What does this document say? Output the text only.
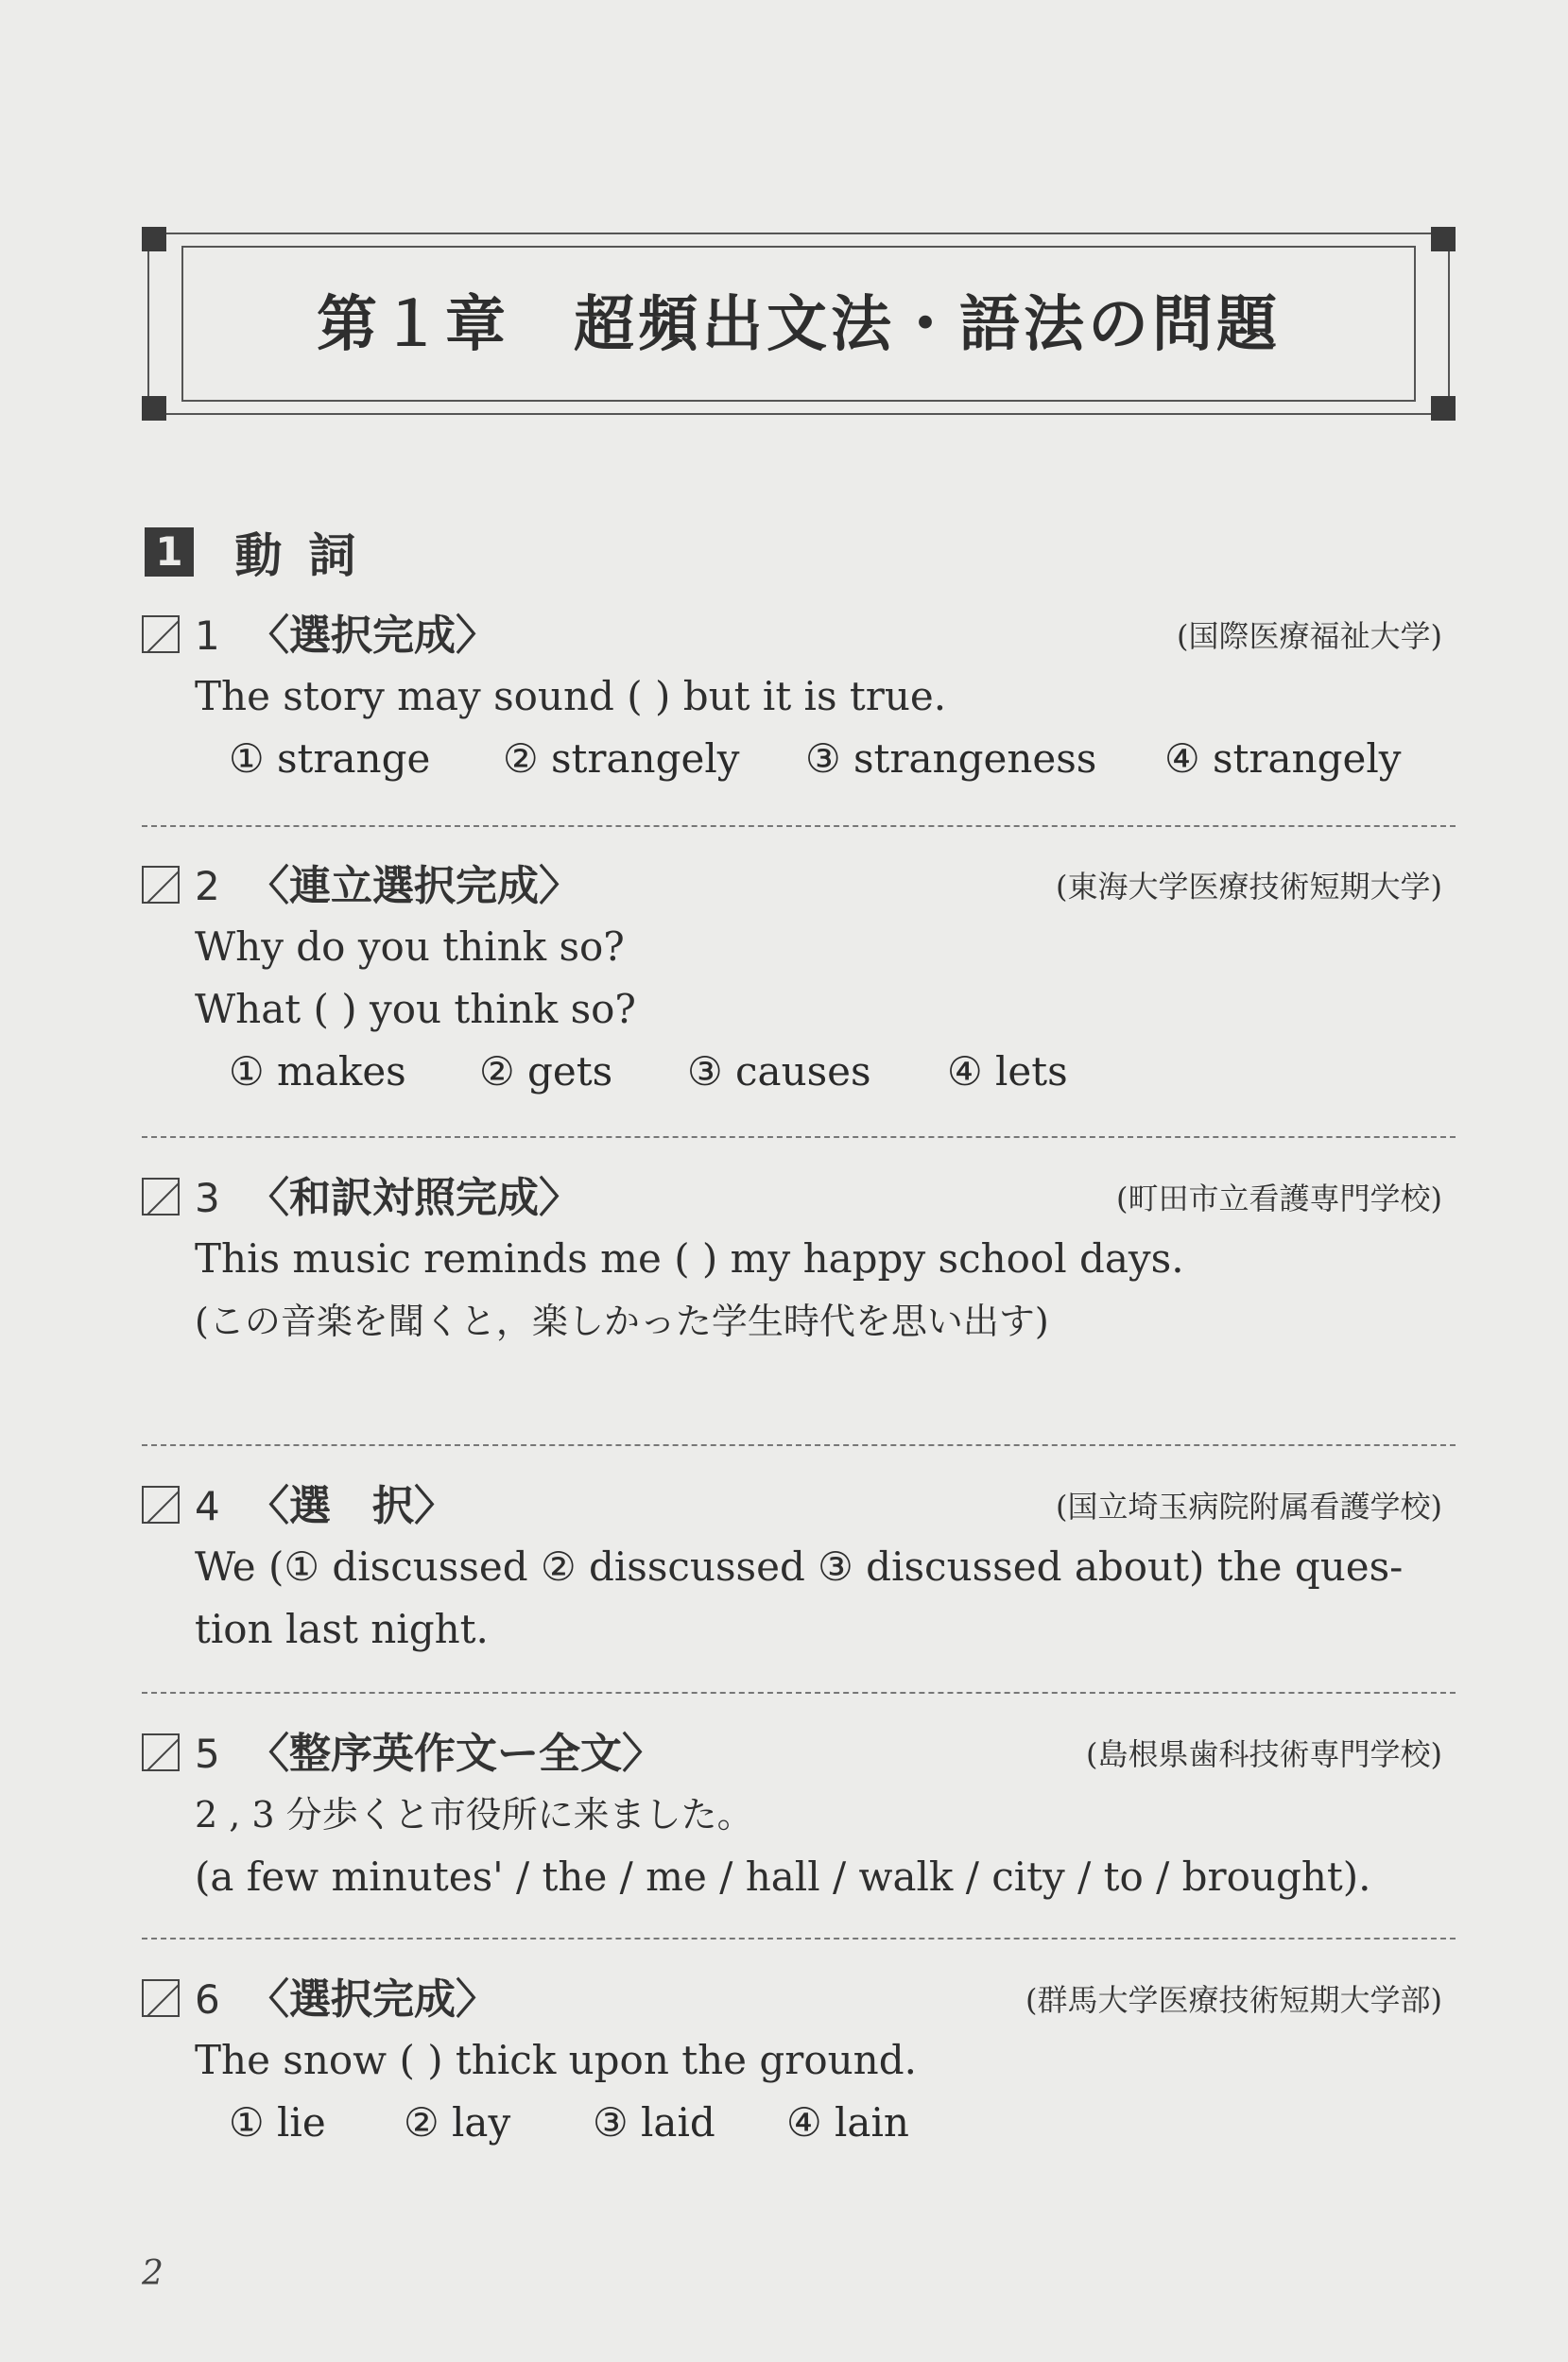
第１章　超頻出文法・語法の問題
1 動詞
1 〈選択完成〉	(国際医療福祉大学)
The story may sound ( ) but it is true.
① strange ② strangely ③ strangeness ④ strangely
2 〈連立選択完成〉	(東海大学医療技術短期大学)
Why do you think so?
What ( ) you think so?
① makes ② gets ③ causes ④ lets
3 〈和訳対照完成〉	(町田市立看護専門学校)
This music reminds me ( ) my happy school days.
(この音楽を聞くと，楽しかった学生時代を思い出す)
4 〈選　択〉	(国立埼玉病院附属看護学校)
We (① discussed ② disscussed ③ discussed about) the ques-
tion last night.
5 〈整序英作文ー全文〉	(島根県歯科技術専門学校)
2 , 3 分歩くと市役所に来ました。
(a few minutes' / the / me / hall / walk / city / to / brought).
6 〈選択完成〉	(群馬大学医療技術短期大学部)
The snow ( ) thick upon the ground.
① lie ② lay ③ laid ④ lain
2
